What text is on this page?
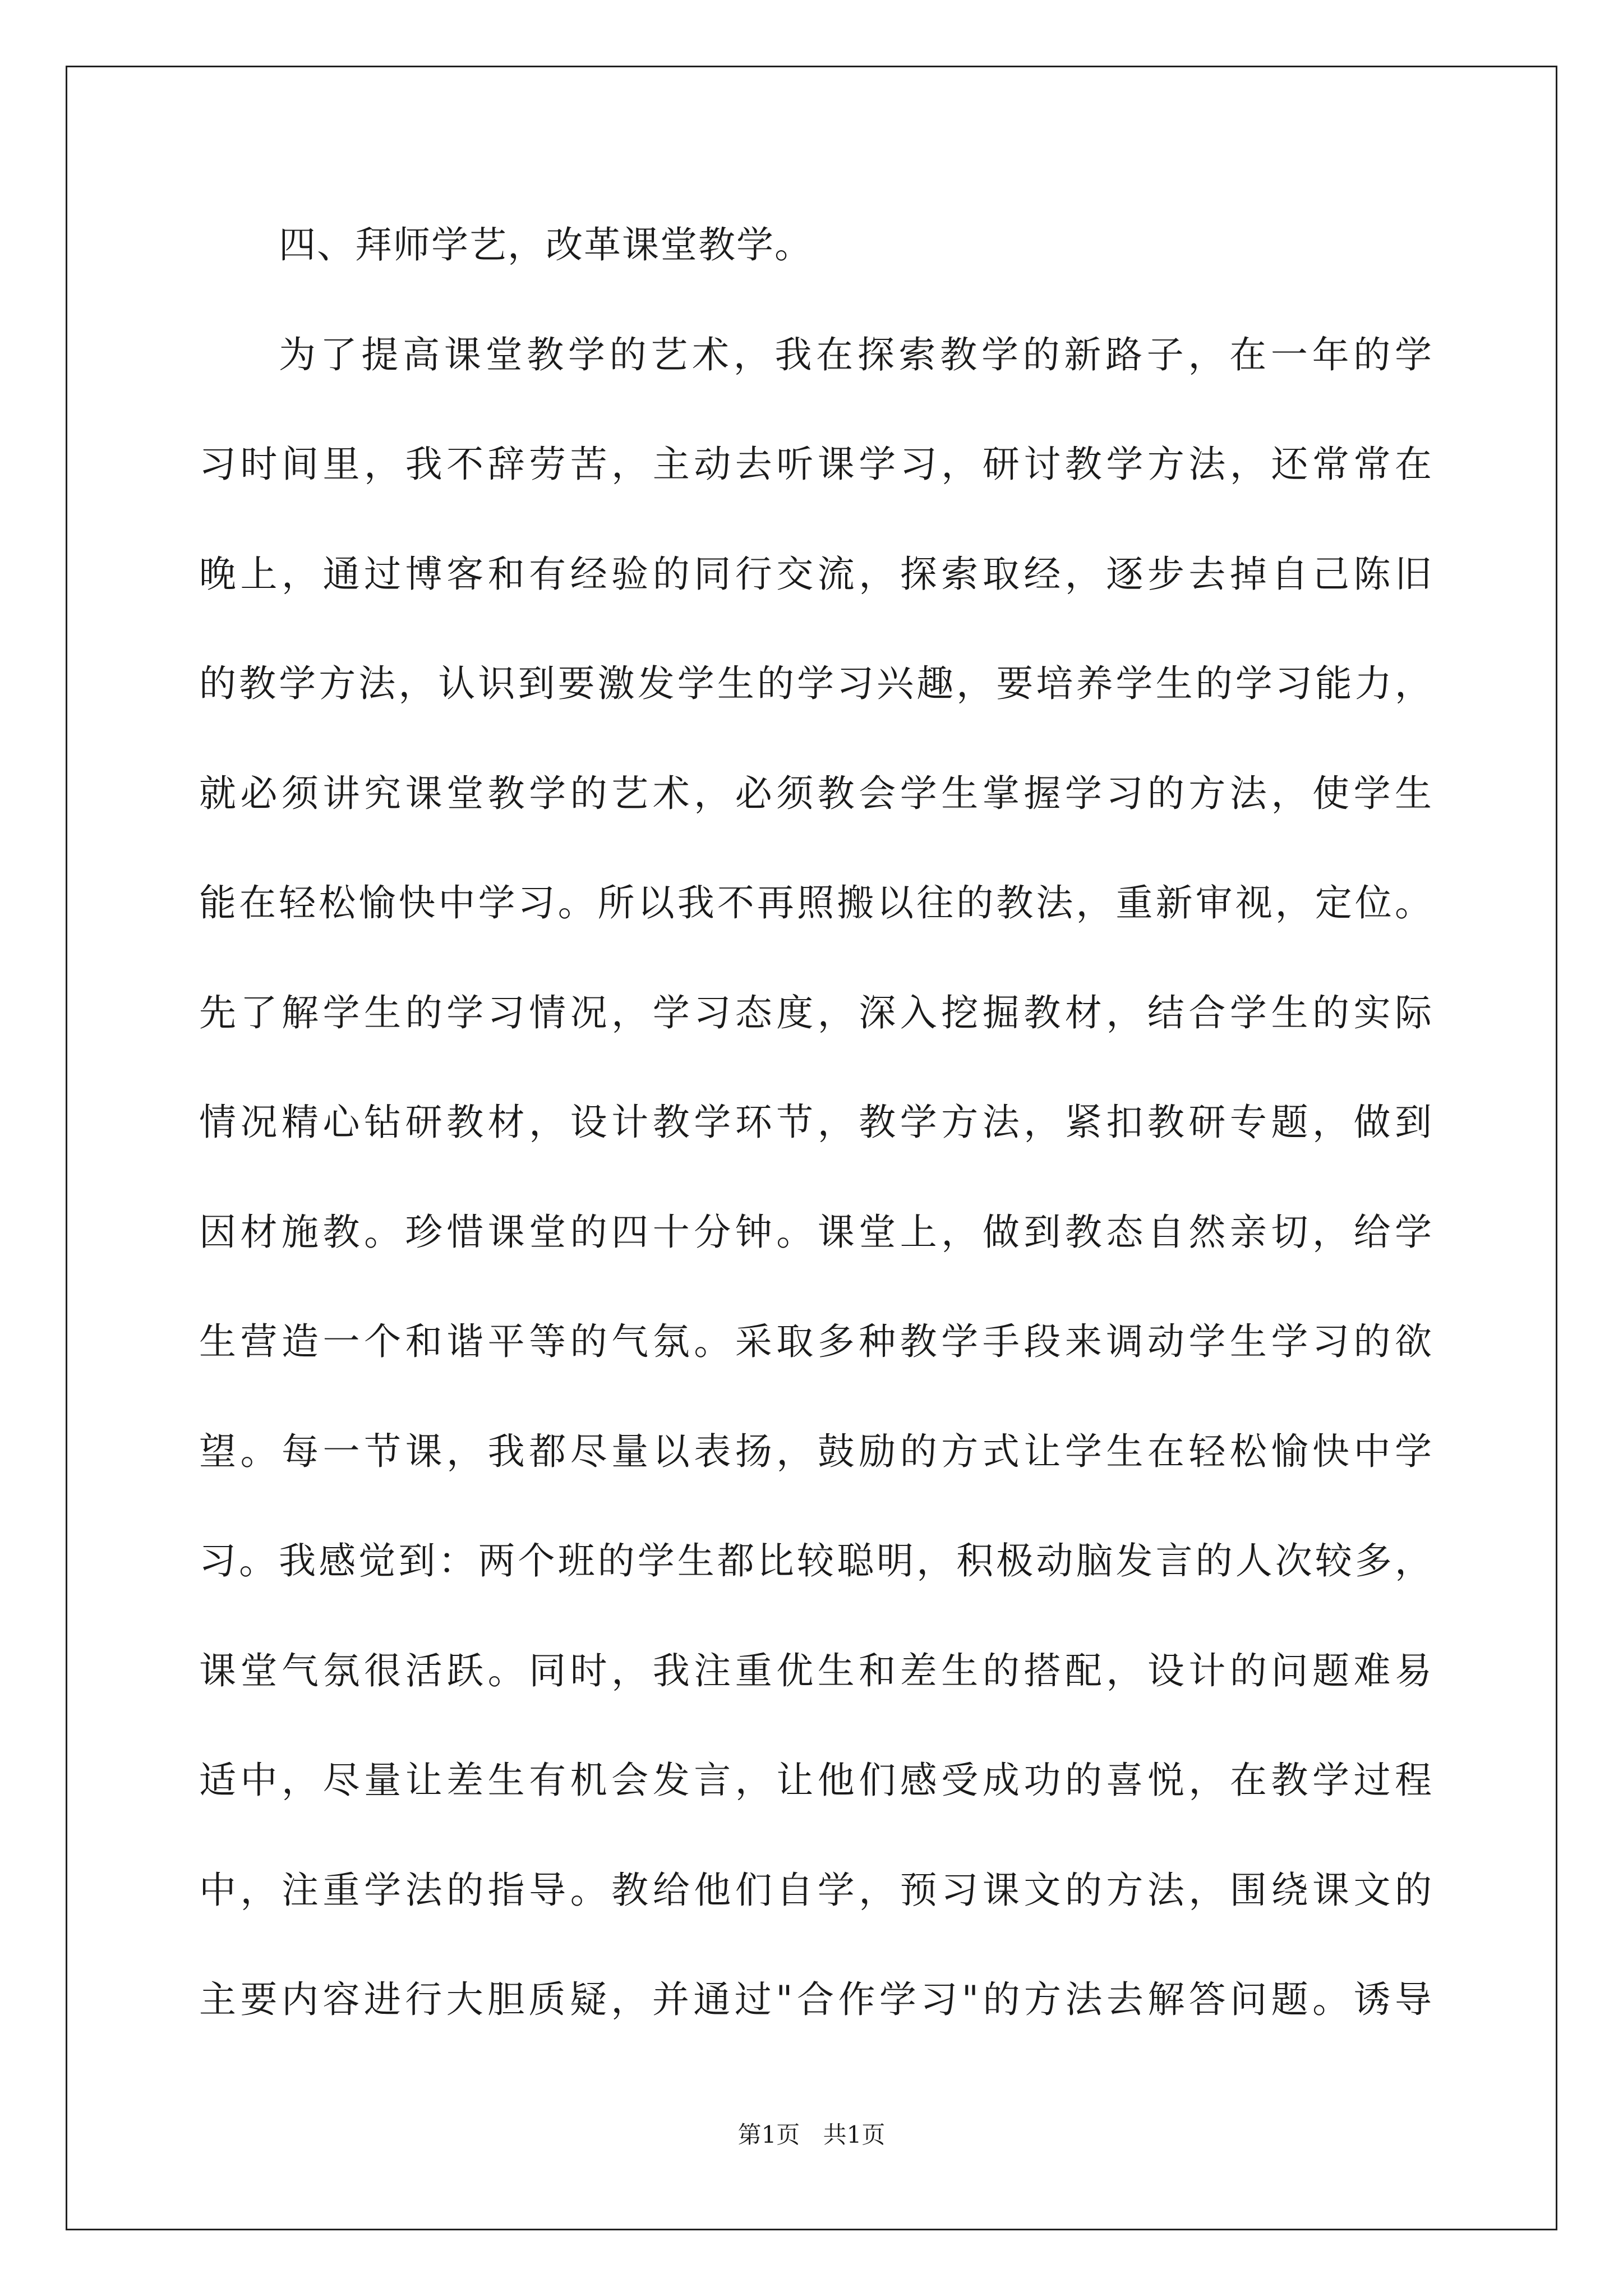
四、拜师学艺，改革课堂教学。
为了提高课堂教学的艺术，我在探索教学的新路子，在一年的学
习时间里，我不辞劳苦，主动去听课学习，研讨教学方法，还常常在
晚上，通过博客和有经验的同行交流，探索取经，逐步去掉自己陈旧
的教学方法，认识到要激发学生的学习兴趣，要培养学生的学习能力，
就必须讲究课堂教学的艺术，必须教会学生掌握学习的方法，使学生
能在轻松愉快中学习。所以我不再照搬以往的教法，重新审视，定位。
先了解学生的学习情况，学习态度，深入挖掘教材，结合学生的实际
情况精心钻研教材，设计教学环节，教学方法，紧扣教研专题，做到
因材施教。珍惜课堂的四十分钟。课堂上，做到教态自然亲切，给学
生营造一个和谐平等的气氛。采取多种教学手段来调动学生学习的欲
望。每一节课，我都尽量以表扬，鼓励的方式让学生在轻松愉快中学
习。我感觉到：两个班的学生都比较聪明，积极动脑发言的人次较多，
课堂气氛很活跃。同时，我注重优生和差生的搭配，设计的问题难易
适中，尽量让差生有机会发言，让他们感受成功的喜悦，在教学过程
中，注重学法的指导。教给他们自学，预习课文的方法，围绕课文的
主要内容进行大胆质疑，并通过"合作学习"的方法去解答问题。诱导
第1页 共1页
